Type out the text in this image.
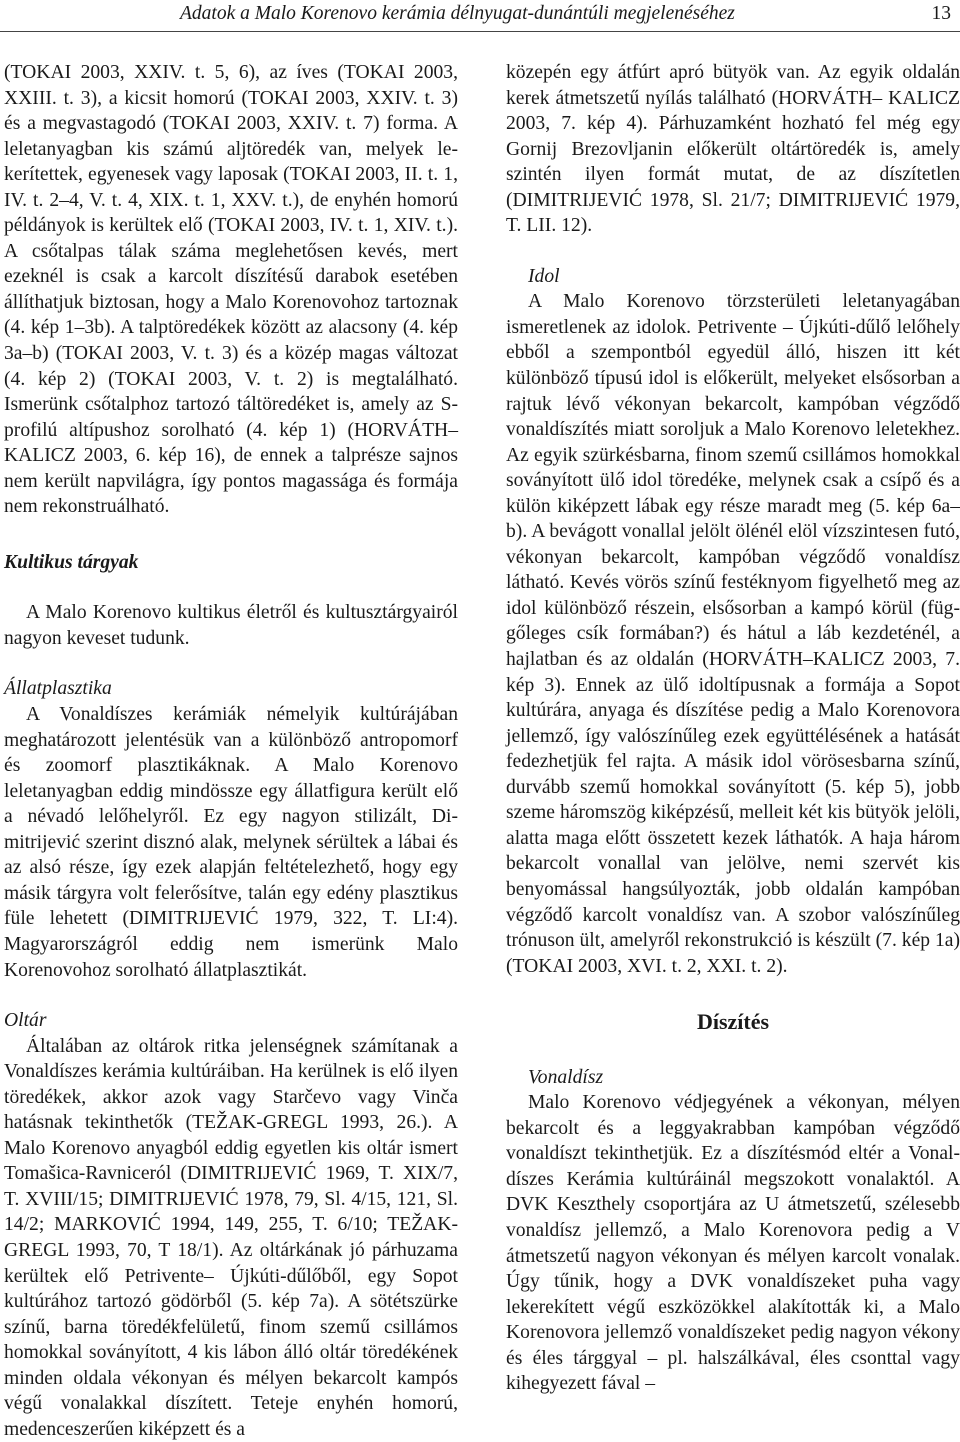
Adatok a Malo Korenovo kerámia délnyugat-dunántúli megjelenéséhez	13

(TOKAI 2003, XXIV. t. 5, 6), az íves (TOKAI 2003, XXIII. t. 3), a kicsit homorú (TOKAI 2003, XXIV. t. 3) és a megvastagodó (TOKAI 2003, XXIV. t. 7) forma. A leletanyagban kis számú aljtöredék van, melyek lekerítettek, egyenesek vagy laposak (TOKAI 2003, II. t. 1, IV. t. 2–4, V. t. 4, XIX. t. 1, XXV. t.), de enyhén homorú példányok is kerültek elő (TOKAI 2003, IV. t. 1, XIV. t.). A csőtalpas tálak száma meglehetősen kevés, mert ezeknél is csak a karcolt díszítésű darabok esetében állíthatjuk biztosan, hogy a Malo Korenovohoz tartoznak (4. kép 1–3b). A talptöredékek között az alacsony (4. kép 3a–b) (TOKAI 2003, V. t. 3) és a közép magas változat (4. kép 2) (TOKAI 2003, V. t. 2) is megtalálható. Ismerünk csőtalphoz tartozó táltöredéket is, amely az S-profilú altípushoz sorolható (4. kép 1) (HORVÁTH– KALICZ 2003, 6. kép 16), de ennek a talprésze sajnos nem került napvilágra, így pontos magassága és formája nem rekonstruálható.

Kultikus tárgyak

A Malo Korenovo kultikus életről és kultusztárgyairól nagyon keveset tudunk.

Állatplasztika

A Vonaldíszes kerámiák némelyik kultúrájában meghatározott jelentésük van a különböző antropomorf és zoomorf plasztikáknak. A Malo Korenovo leletanyagban eddig mindössze egy állatfigura került elő a névadó lelőhelyről. Ez egy nagyon stilizált, Dimitrijević szerint disznó alak, melynek sérültek a lábai és az alsó része, így ezek alapján feltételezhető, hogy egy másik tárgyra volt felerősítve, talán egy edény plasztikus füle lehetett (DIMITRIJEVIĆ 1979, 322, T. LI:4). Magyarországról eddig nem ismerünk Malo Korenovohoz sorolható állatplasztikát.

Oltár

Általában az oltárok ritka jelenségnek számítanak a Vonaldíszes kerámia kultúráiban. Ha kerülnek is elő ilyen töredékek, akkor azok vagy Starčevo vagy Vinča hatásnak tekinthetők (TEŽAK-GREGL 1993, 26.). A Malo Korenovo anyagból eddig egyetlen kis oltár ismert Tomašica-Ravniceról (DIMITRIJEVIĆ 1969, T. XIX/7, T. XVIII/15; DIMITRIJEVIĆ 1978, 79, Sl. 4/15, 121, Sl. 14/2; MARKOVIĆ 1994, 149, 255, T. 6/10; TEŽAK-GREGL 1993, 70, T 18/1). Az oltárkának jó párhuzama kerültek elő Petrivente– Újkúti-dűlőből, egy Sopot kultúrához tartozó gödörből (5. kép 7a). A sötétszürke színű, barna töredékfelületű, finom szemű csillámos homokkal soványított, 4 kis lábon álló oltár töredékének minden oldala vékonyan és mélyen bekarcolt kampós végű vonalakkal díszített. Teteje enyhén homorú, medenceszerűen kiképzett és a

közepén egy átfúrt apró bütyök van. Az egyik oldalán kerek átmetszetű nyílás található (HORVÁTH– KALICZ 2003, 7. kép 4). Párhuzamként hozható fel még egy Gornij Brezovljanin előkerült oltártöredék is, amely szintén ilyen formát mutat, de az díszítetlen (DIMITRIJEVIĆ 1978, Sl. 21/7; DIMITRIJEVIĆ 1979, T. LII. 12).

Idol

A Malo Korenovo törzsterületi leletanyagában ismeretlenek az idolok. Petrivente – Újkúti-dűlő lelőhely ebből a szempontból egyedül álló, hiszen itt két különböző típusú idol is előkerült, melyeket elsősorban a rajtuk lévő vékonyan bekarcolt, kampóban végződő vonaldíszítés miatt soroljuk a Malo Korenovo leletekhez. Az egyik szürkésbarna, finom szemű csillámos homokkal soványított ülő idol töredéke, melynek csak a csípő és a külön kiképzett lábak egy része maradt meg (5. kép 6a–b). A bevágott vonallal jelölt ölénél elöl vízszintesen futó, vékonyan bekarcolt, kampóban végződő vonaldísz látható. Kevés vörös színű festéknyom figyelhető meg az idol különböző részein, elsősorban a kampó körül (függőleges csík formában?) és hátul a láb kezdeténél, a hajlatban és az oldalán (HORVÁTH–KALICZ 2003, 7. kép 3). Ennek az ülő idoltípusnak a formája a Sopot kultúrára, anyaga és díszítése pedig a Malo Korenovora jellemző, így valószínűleg ezek együttélésének a hatását fedezhetjük fel rajta. A másik idol vörösesbarna színű, durvább szemű homokkal soványított (5. kép 5), jobb szeme háromszög kiképzésű, melleit két kis bütyök jelöli, alatta maga előtt összetett kezek láthatók. A haja három bekarcolt vonallal van jelölve, nemi szervét kis benyomással hangsúlyozták, jobb oldalán kampóban végződő karcolt vonaldísz van. A szobor valószínűleg trónuson ült, amelyről rekonstrukció is készült (7. kép 1a) (TOKAI 2003, XVI. t. 2, XXI. t. 2).

Díszítés

Vonaldísz

Malo Korenovo védjegyének a vékonyan, mélyen bekarcolt és a leggyakrabban kampóban végződő vonaldíszt tekinthetjük. Ez a díszítésmód eltér a Vonaldíszes Kerámia kultúráinál megszokott vonalaktól. A DVK Keszthely csoportjára az U átmetszetű, szélesebb vonaldísz jellemző, a Malo Korenovora pedig a V átmetszetű nagyon vékonyan és mélyen karcolt vonalak. Úgy tűnik, hogy a DVK vonaldíszeket puha vagy lekerekített végű eszközökkel alakították ki, a Malo Korenovora jellemző vonaldíszeket pedig nagyon vékony és éles tárggyal – pl. halszálkával, éles csonttal vagy kihegyezett fával –
